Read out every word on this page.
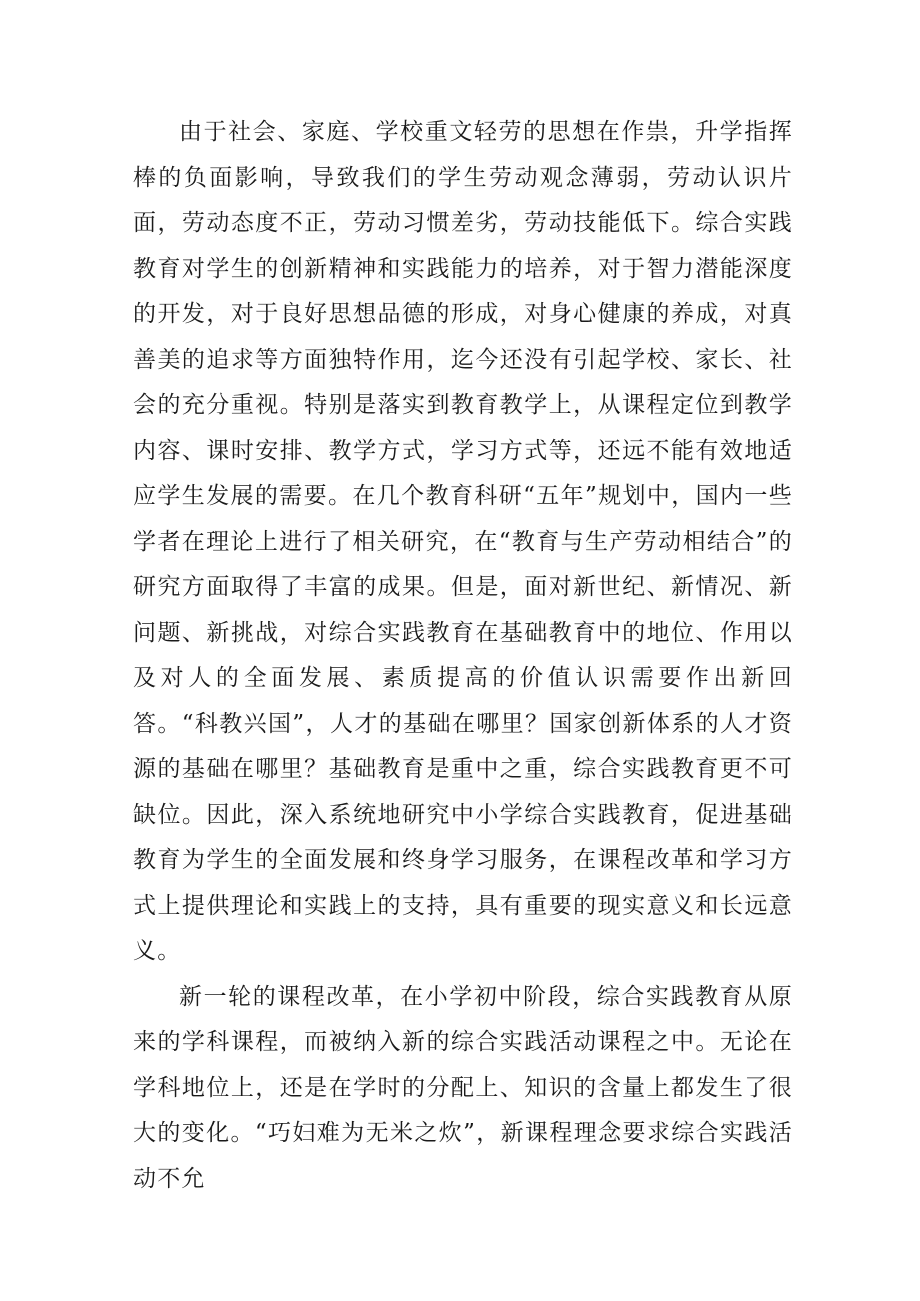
由于社会、家庭、学校重文轻劳的思想在作祟，升学指挥棒的负面影响，导致我们的学生劳动观念薄弱，劳动认识片面，劳动态度不正，劳动习惯差劣，劳动技能低下。综合实践教育对学生的创新精神和实践能力的培养，对于智力潜能深度的开发，对于良好思想品德的形成，对身心健康的养成，对真善美的追求等方面独特作用，迄今还没有引起学校、家长、社会的充分重视。特别是落实到教育教学上，从课程定位到教学内容、课时安排、教学方式，学习方式等，还远不能有效地适应学生发展的需要。在几个教育科研“五年”规划中，国内一些学者在理论上进行了相关研究，在“教育与生产劳动相结合”的研究方面取得了丰富的成果。但是，面对新世纪、新情况、新问题、新挑战，对综合实践教育在基础教育中的地位、作用以及对人的全面发展、素质提高的价值认识需要作出新回答。“科教兴国”，人才的基础在哪里？国家创新体系的人才资源的基础在哪里？基础教育是重中之重，综合实践教育更不可缺位。因此，深入系统地研究中小学综合实践教育，促进基础教育为学生的全面发展和终身学习服务，在课程改革和学习方式上提供理论和实践上的支持，具有重要的现实意义和长远意义。

新一轮的课程改革，在小学初中阶段，综合实践教育从原来的学科课程，而被纳入新的综合实践活动课程之中。无论在学科地位上，还是在学时的分配上、知识的含量上都发生了很大的变化。“巧妇难为无米之炊”，新课程理念要求综合实践活动不允
